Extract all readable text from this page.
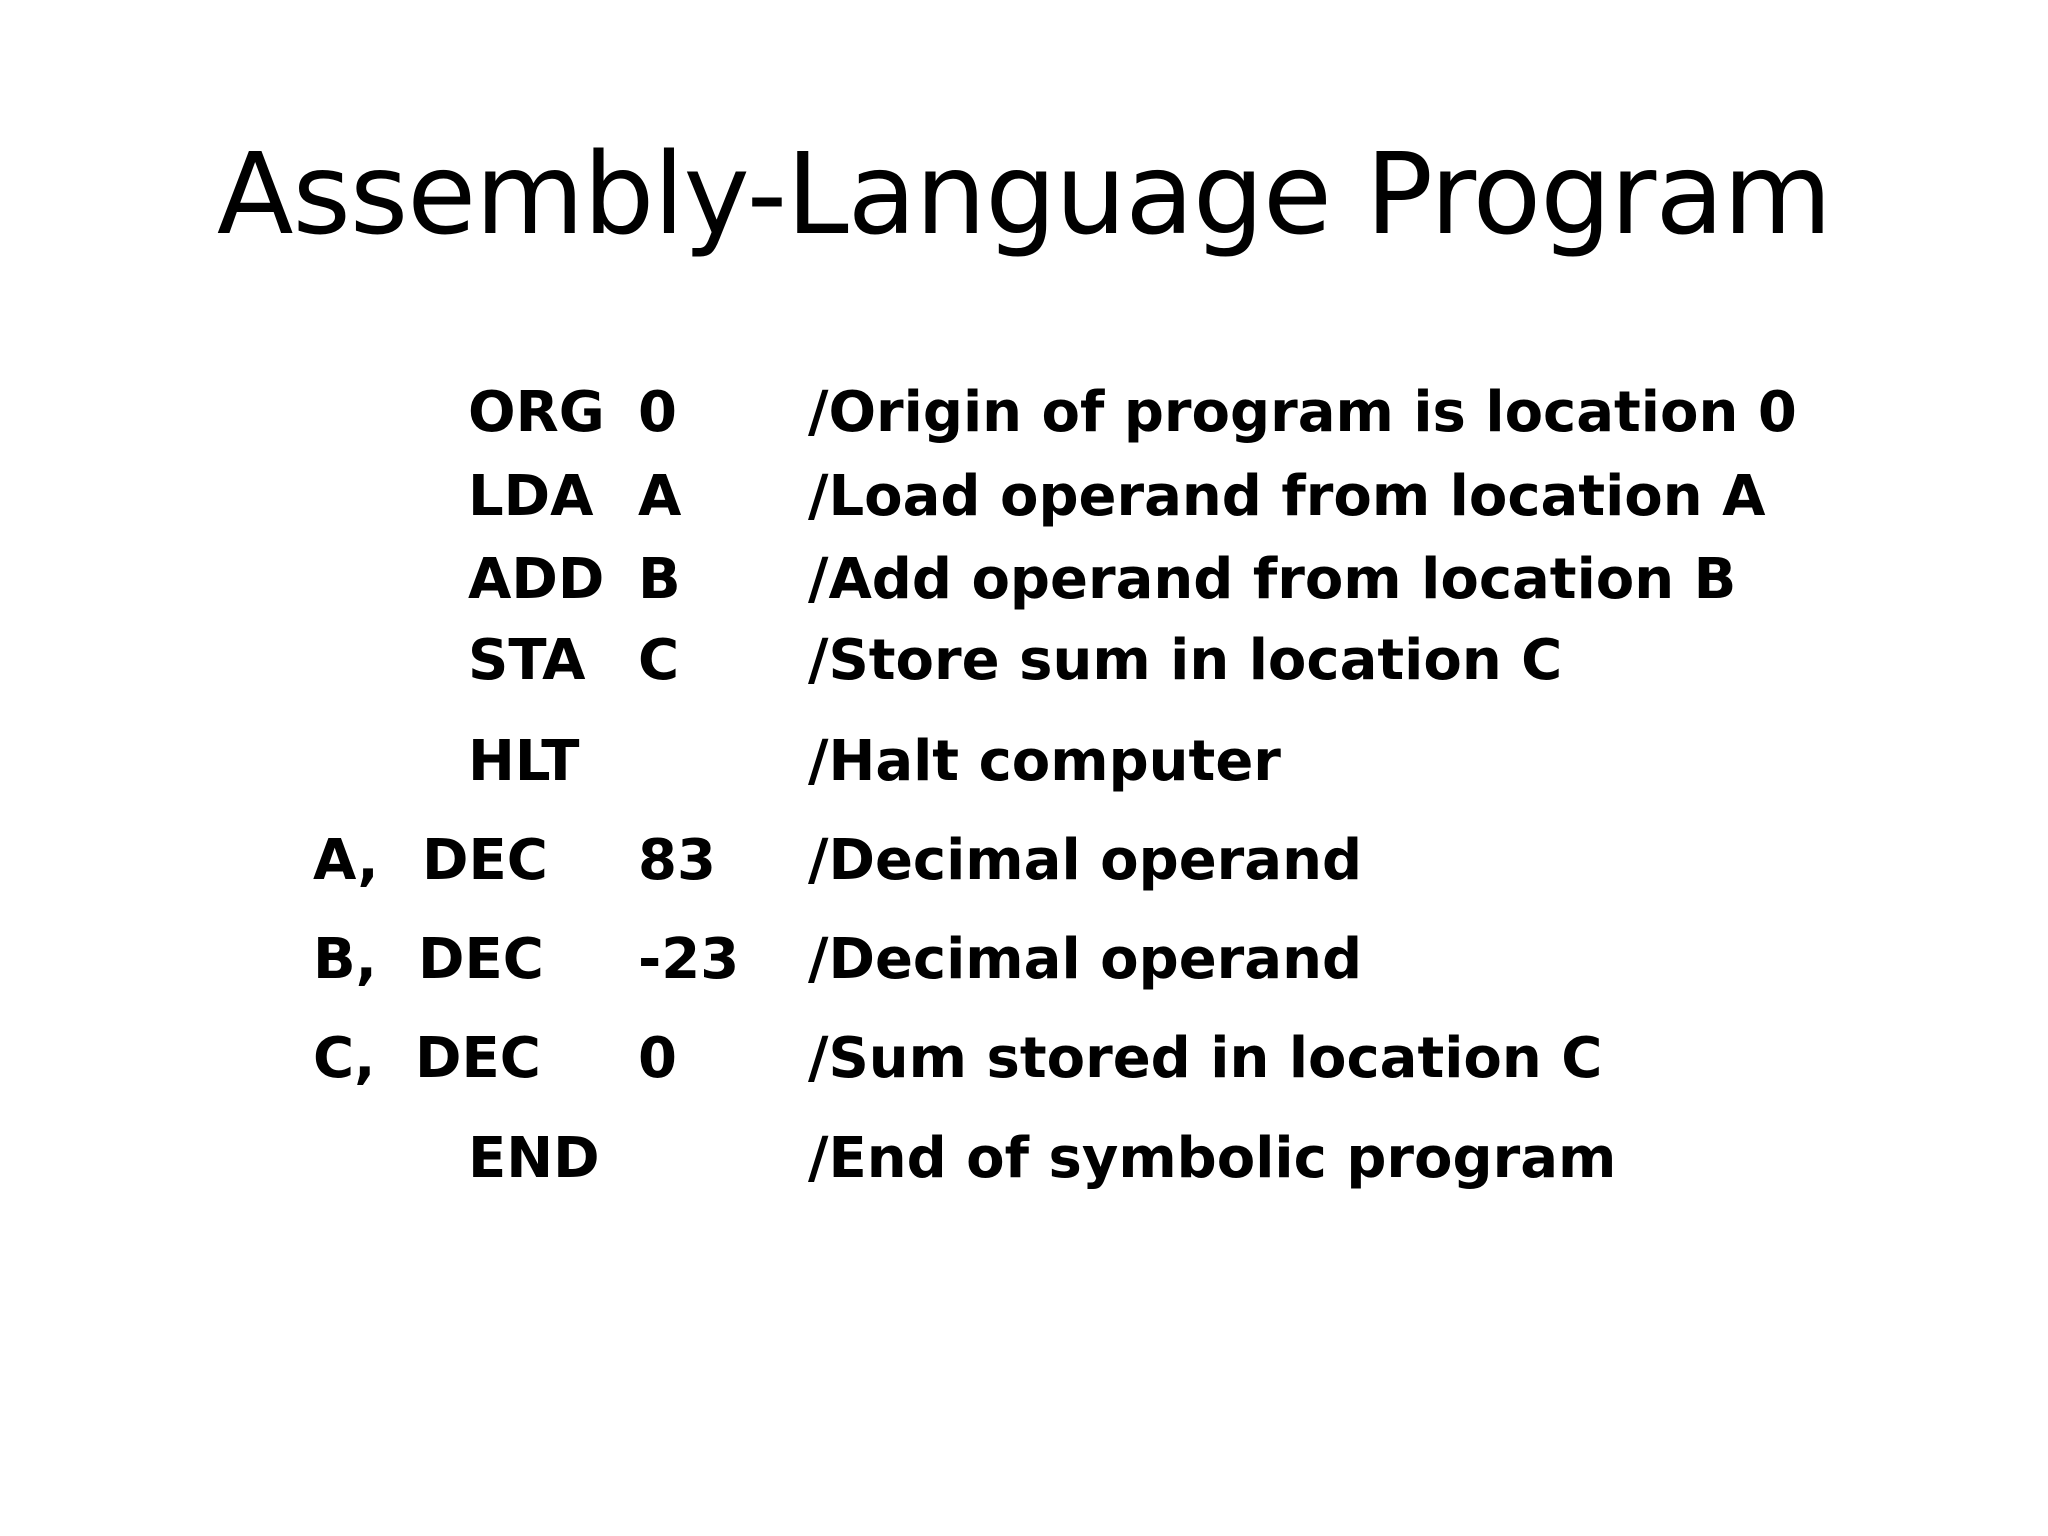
Assembly-Language Program
ORG 0 /Origin of program is location 0
LDA A /Load operand from location A
ADD B /Add operand from location B
STA C /Store sum in location C
HLT	/Halt computer
A, DEC 83 /Decimal operand
B, DEC -23 /Decimal operand
C, DEC 0 /Sum stored in location C
END	/End of symbolic program
